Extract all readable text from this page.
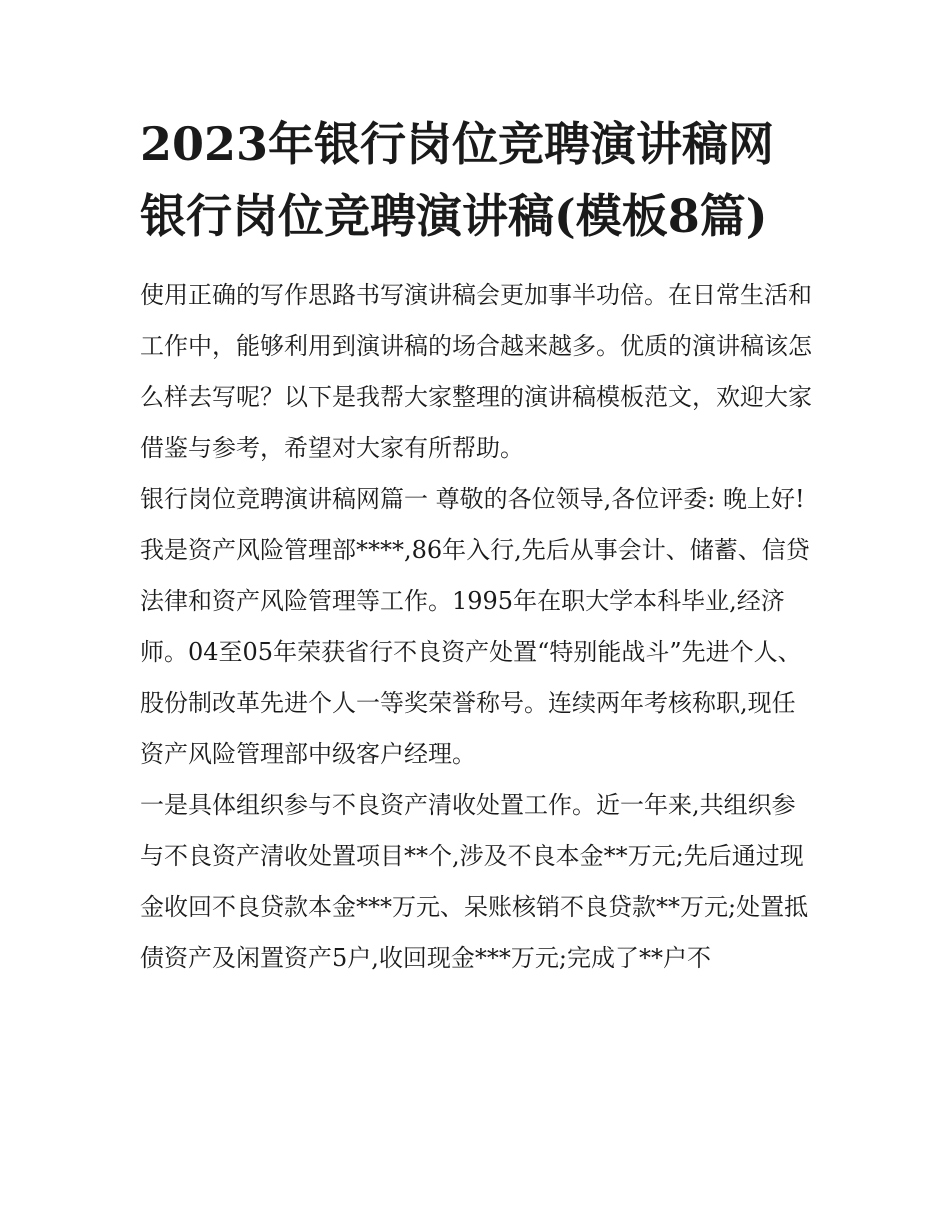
2023年银行岗位竞聘演讲稿网银行岗位竞聘演讲稿(模板8篇)

使用正确的写作思路书写演讲稿会更加事半功倍。在日常生活和工作中，能够利用到演讲稿的场合越来越多。优质的演讲稿该怎么样去写呢？以下是我帮大家整理的演讲稿模板范文，欢迎大家借鉴与参考，希望对大家有所帮助。

银行岗位竞聘演讲稿网篇一 尊敬的各位领导,各位评委: 晚上好!

我是资产风险管理部****,86年入行,先后从事会计、储蓄、信贷法律和资产风险管理等工作。1995年在职大学本科毕业,经济师。04至05年荣获省行不良资产处置“特别能战斗”先进个人、股份制改革先进个人一等奖荣誉称号。连续两年考核称职,现任资产风险管理部中级客户经理。

一是具体组织参与不良资产清收处置工作。近一年来,共组织参与不良资产清收处置项目**个,涉及不良本金**万元;先后通过现金收回不良贷款本金***万元、呆账核销不良贷款**万元;处置抵债资产及闲置资产5户,收回现金***万元;完成了**户不
